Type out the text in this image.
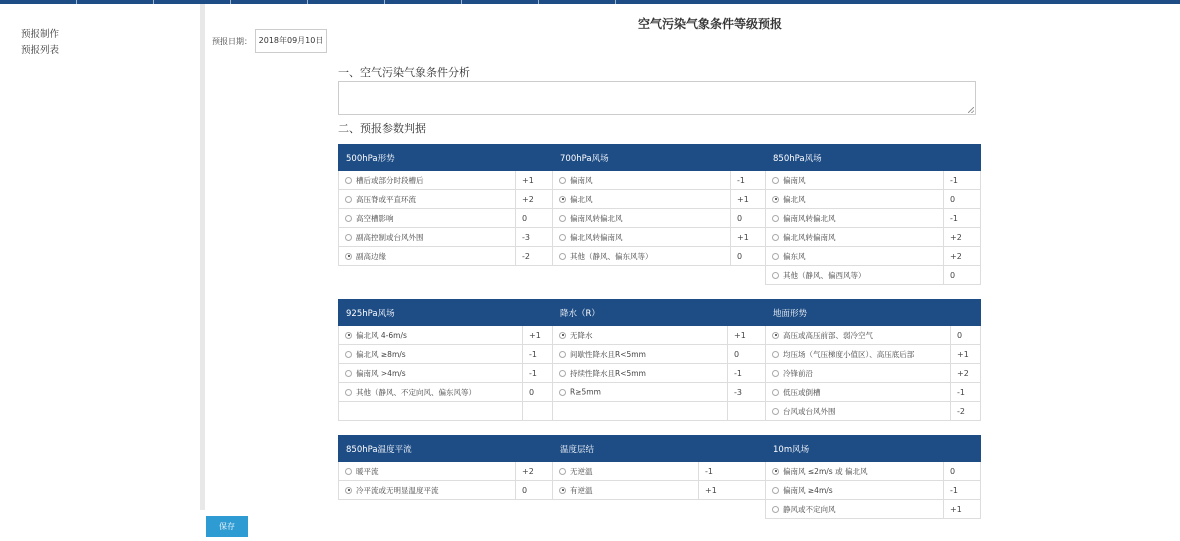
预报制作
预报列表
预报日期： 2018年09月10日
空气污染气象条件等级预报
一、空气污染气象条件分析
二、预报参数判据
500hPa形势	
槽后或部分时段槽后	+1
高压脊或平直环流	+2
高空槽影响	0
副高控制或台风外围	-3
副高边缘	-2
700hPa风场	
偏南风	-1
偏北风	+1
偏南风转偏北风	0
偏北风转偏南风	+1
其他（静风、偏东风等）	0
850hPa风场	
偏南风	-1
偏北风	0
偏南风转偏北风	-1
偏北风转偏南风	+2
偏东风	+2
其他（静风、偏西风等）	0
925hPa风场	
偏北风 4-6m/s	+1
偏北风 ≥8m/s	-1
偏南风 >4m/s	-1
其他（静风、不定向风、偏东风等）	0

降水（R）	
无降水	+1
间歇性降水且R<5mm	0
持续性降水且R<5mm	-1
R≥5mm	-3

地面形势	
高压或高压前部、弱冷空气	0
均压场（气压梯度小值区）、高压底后部	+1
冷锋前沿	+2
低压或倒槽	-1
台风或台风外围	-2
850hPa温度平流	
暖平流	+2
冷平流或无明显温度平流	0
温度层结	
无逆温	-1
有逆温	+1
10m风场	
偏南风 ≤2m/s 或 偏北风	0
偏南风 ≥4m/s	-1
静风或不定向风	+1
保存
